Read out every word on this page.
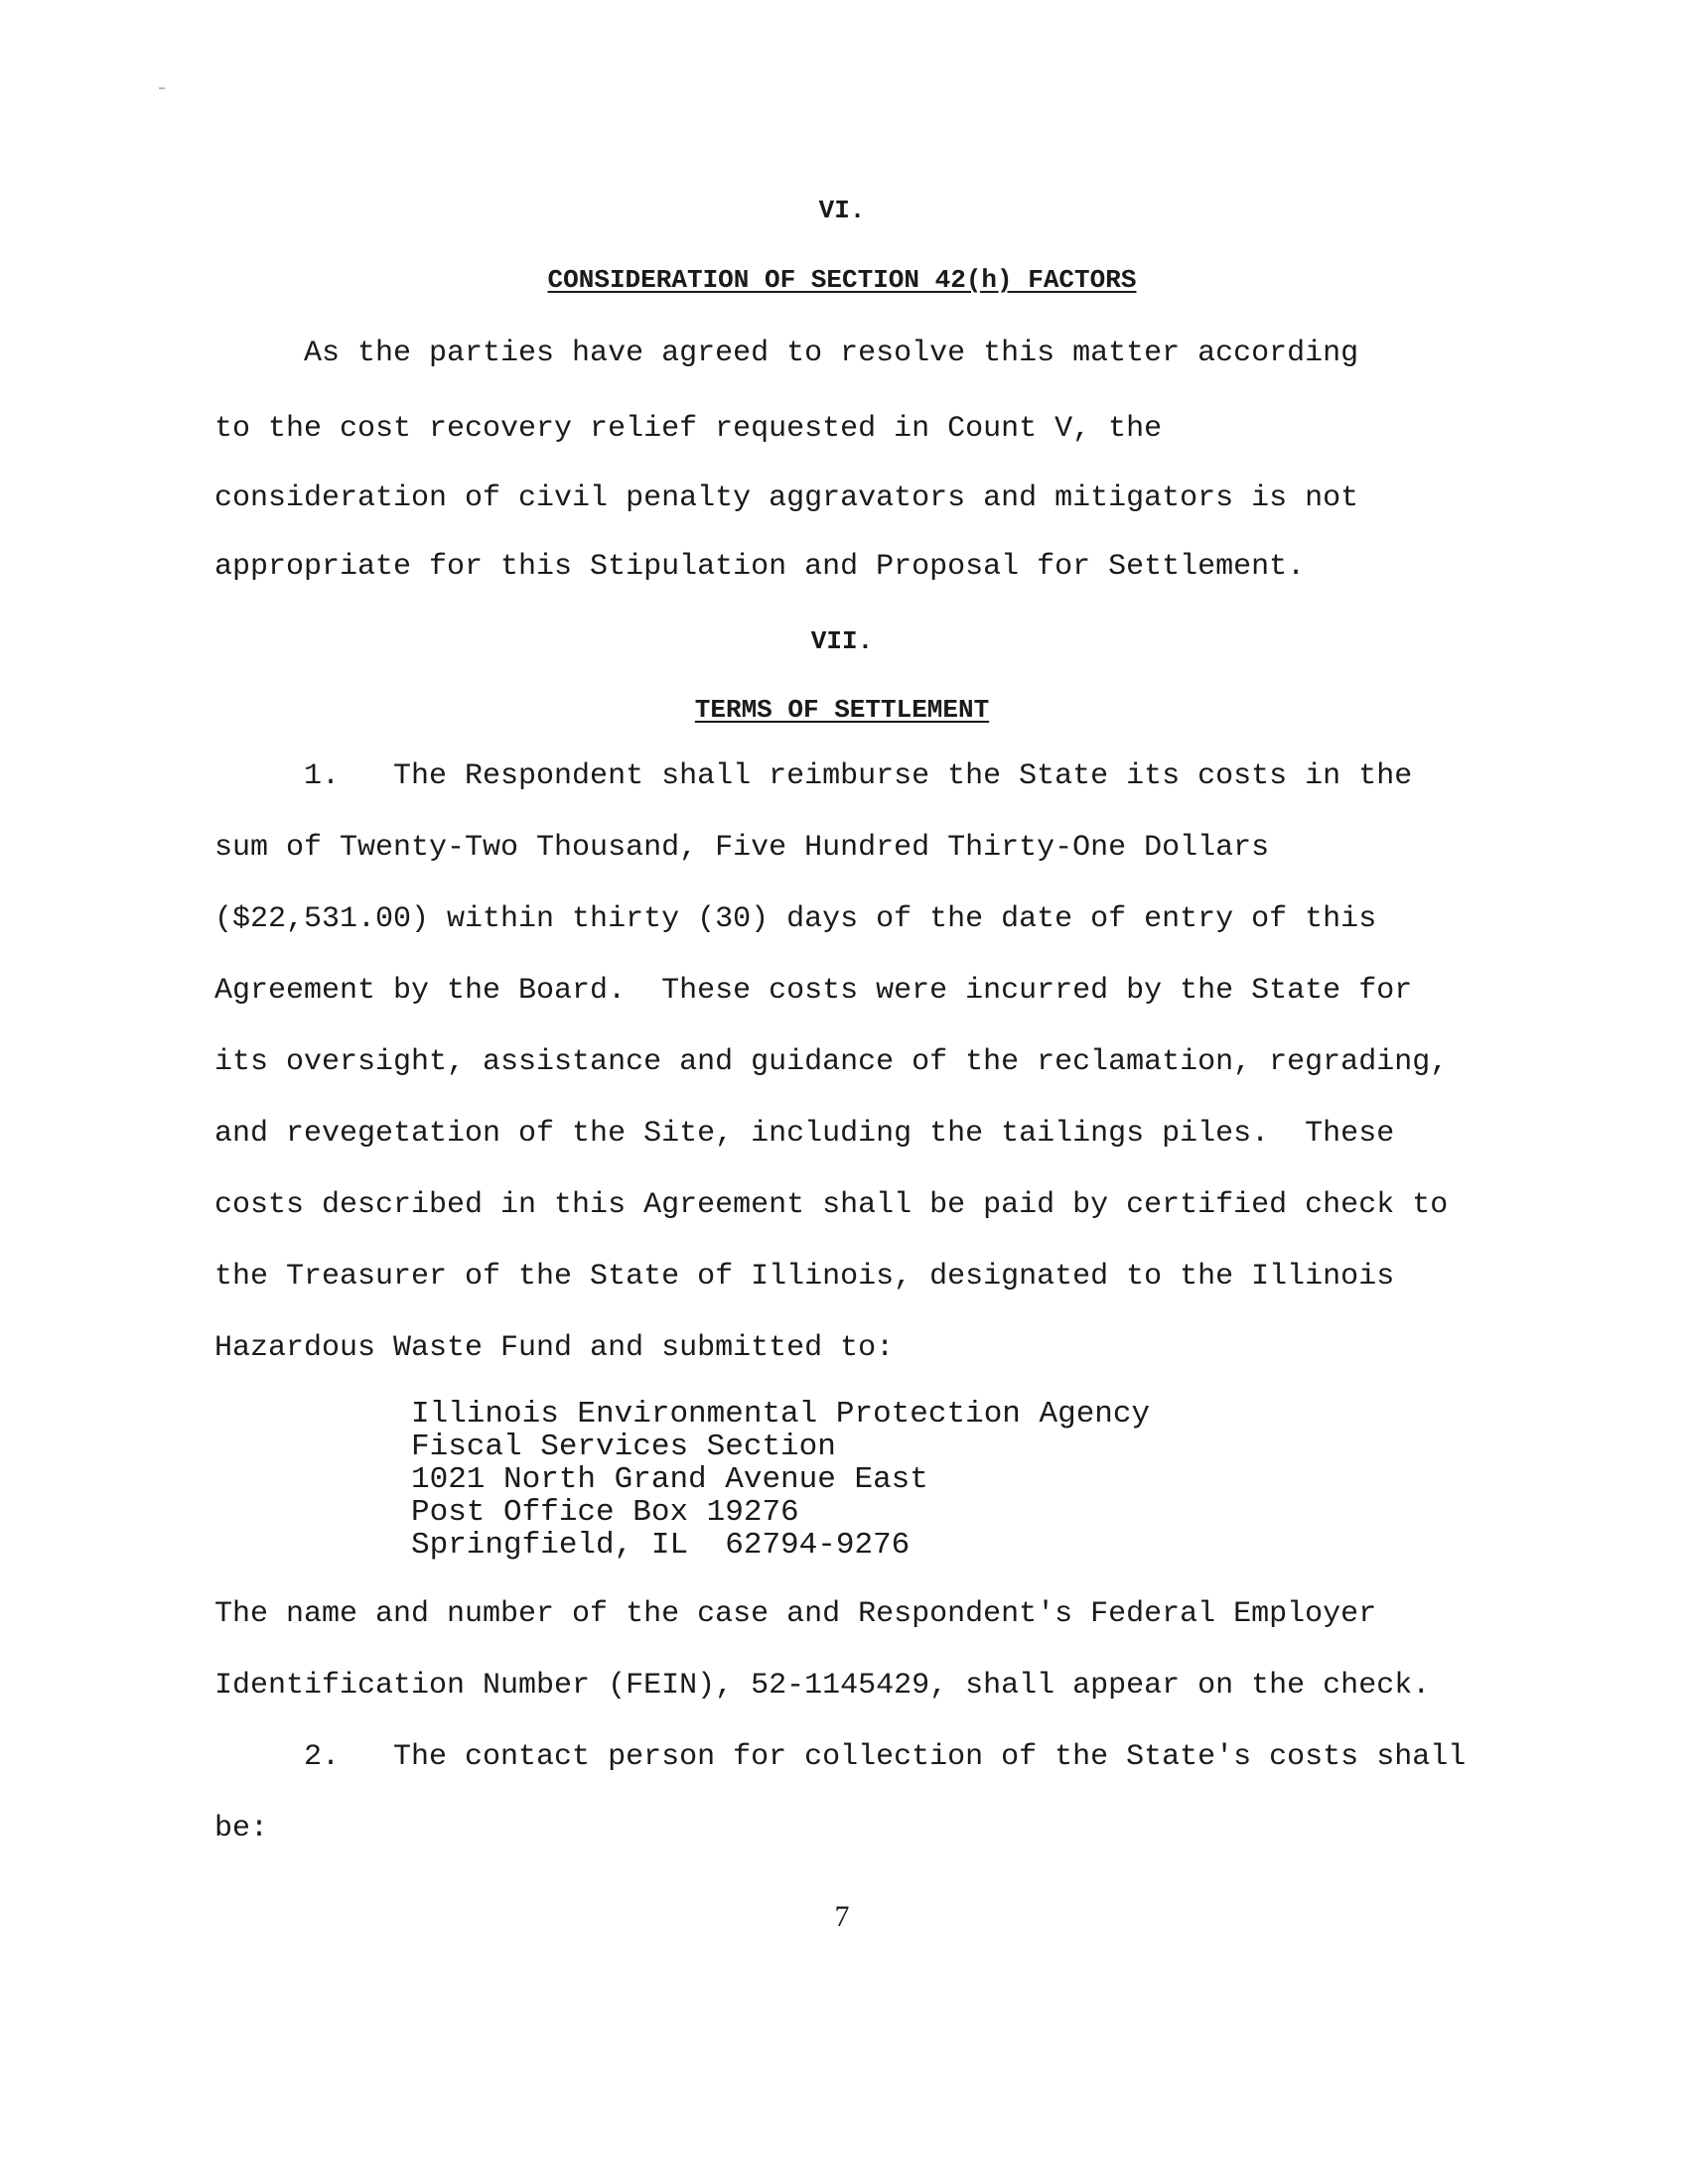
VI.
CONSIDERATION OF SECTION 42(h) FACTORS
As the parties have agreed to resolve this matter according
to the cost recovery relief requested in Count V, the
consideration of civil penalty aggravators and mitigators is not
appropriate for this Stipulation and Proposal for Settlement.
VII.
TERMS OF SETTLEMENT
1.   The Respondent shall reimburse the State its costs in the
sum of Twenty-Two Thousand, Five Hundred Thirty-One Dollars
($22,531.00) within thirty (30) days of the date of entry of this
Agreement by the Board.  These costs were incurred by the State for
its oversight, assistance and guidance of the reclamation, regrading,
and revegetation of the Site, including the tailings piles.  These
costs described in this Agreement shall be paid by certified check to
the Treasurer of the State of Illinois, designated to the Illinois
Hazardous Waste Fund and submitted to:
Illinois Environmental Protection Agency
Fiscal Services Section
1021 North Grand Avenue East
Post Office Box 19276
Springfield, IL  62794-9276
The name and number of the case and Respondent's Federal Employer
Identification Number (FEIN), 52-1145429, shall appear on the check.
2.   The contact person for collection of the State's costs shall
be:
7
